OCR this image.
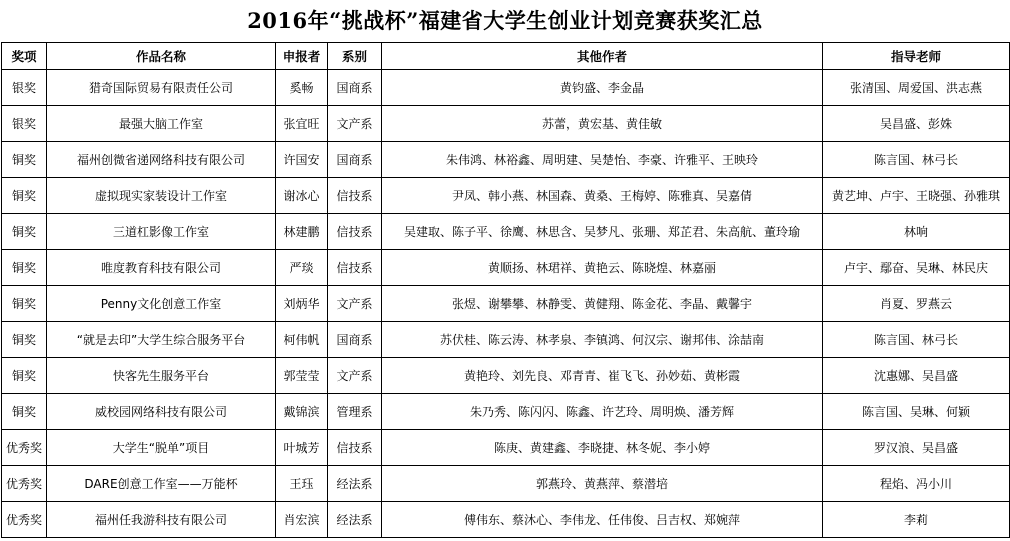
2016年“挑战杯”福建省大学生创业计划竞赛获奖汇总
奖项	作品名称	申报者	系别	其他作者	指导老师
银奖	猎奇国际贸易有限责任公司	奚畅	国商系	黄钧盛、李金晶	张清国、周爱国、洪志燕
银奖	最强大脑工作室	张宜旺	文产系	苏蕾，黄宏基、黄佳敏	吴昌盛、彭姝
铜奖	福州创微省递网络科技有限公司	许国安	国商系	朱伟鸿、林裕鑫、周明建、吴楚怡、李豪、许雅平、王映玲	陈言国、林弓长
铜奖	虚拟现实家装设计工作室	谢冰心	信技系	尹凤、韩小燕、林国森、黄桑、王梅婷、陈雅真、吴嘉倩	黄艺坤、卢宇、王晓强、孙雅琪
铜奖	三道杠影像工作室	林建鹏	信技系	吴建取、陈子平、徐鹰、林思含、吴梦凡、张珊、郑芷君、朱高航、董玲瑜	林响
铜奖	唯度教育科技有限公司	严琰	信技系	黄顺扬、林珺祥、黄艳云、陈晓煌、林嘉丽	卢宇、鄢奋、吴琳、林民庆
铜奖	Penny文化创意工作室	刘炳华	文产系	张煜、谢攀攀、林静雯、黄健翔、陈金花、李晶、戴馨宇	肖夏、罗燕云
铜奖	“就是去印”大学生综合服务平台	柯伟帆	国商系	苏伏桂、陈云涛、林孝泉、李镇鸿、何汉宗、谢邦伟、涂喆南	陈言国、林弓长
铜奖	快客先生服务平台	郭莹莹	文产系	黄艳玲、刘先良、邓青青、崔飞飞、孙妙茹、黄彬霞	沈惠娜、吴昌盛
铜奖	威校园网络科技有限公司	戴锦滨	管理系	朱乃秀、陈闪闪、陈鑫、许艺玲、周明焕、潘芳辉	陈言国、吴琳、何颖
优秀奖	大学生“脱单”项目	叶城芳	信技系	陈庚、黄建鑫、李晓捷、林冬妮、李小婷	罗汉浪、吴昌盛
优秀奖	DARE创意工作室——万能杯	王珏	经法系	郭燕玲、黄燕萍、蔡潜培	程焰、冯小川
优秀奖	福州任我游科技有限公司	肖宏滨	经法系	傅伟东、蔡沐心、李伟龙、任伟俊、吕吉权、郑婉萍	李莉
